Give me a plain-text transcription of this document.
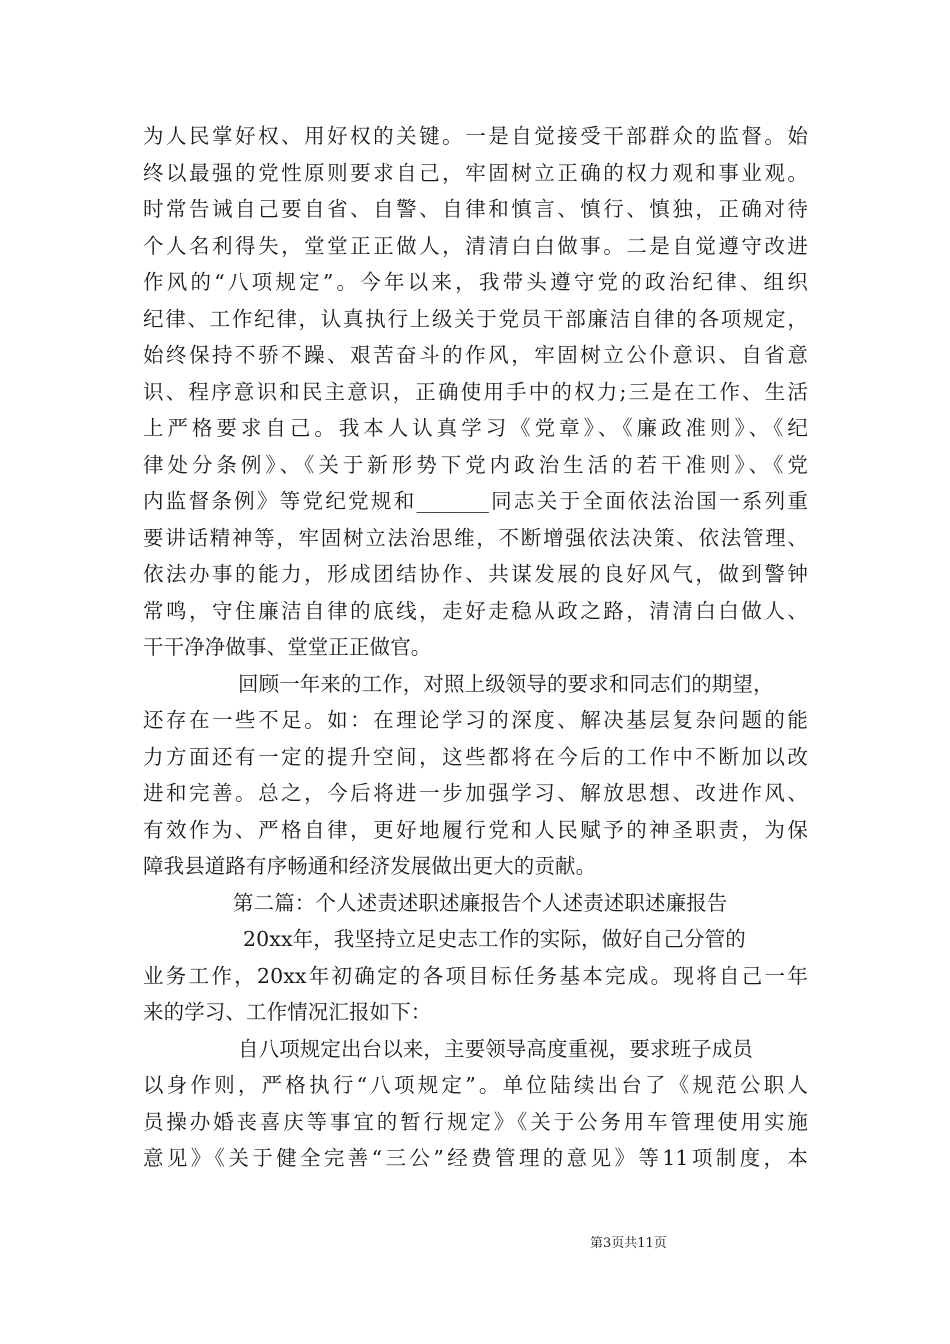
为人民掌好权、用好权的关键。一是自觉接受干部群众的监督。始
终以最强的党性原则要求自己，牢固树立正确的权力观和事业观。
时常告诫自己要自省、自警、自律和慎言、慎行、慎独，正确对待
个人名利得失，堂堂正正做人，清清白白做事。二是自觉遵守改进
作风的“八项规定”。今年以来，我带头遵守党的政治纪律、组织
纪律、工作纪律，认真执行上级关于党员干部廉洁自律的各项规定，
始终保持不骄不躁、艰苦奋斗的作风，牢固树立公仆意识、自省意
识、程序意识和民主意识，正确使用手中的权力;三是在工作、生活
上严格要求自己。我本人认真学习《党章》、《廉政准则》、《纪
律处分条例》、《关于新形势下党内政治生活的若干准则》、《党
内监督条例》等党纪党规和_______同志关于全面依法治国一系列重
要讲话精神等，牢固树立法治思维，不断增强依法决策、依法管理、
依法办事的能力，形成团结协作、共谋发展的良好风气，做到警钟
常鸣，守住廉洁自律的底线，走好走稳从政之路，清清白白做人、
干干净净做事、堂堂正正做官。
回顾一年来的工作，对照上级领导的要求和同志们的期望，
还存在一些不足。如：在理论学习的深度、解决基层复杂问题的能
力方面还有一定的提升空间，这些都将在今后的工作中不断加以改
进和完善。总之，今后将进一步加强学习、解放思想、改进作风、
有效作为、严格自律，更好地履行党和人民赋予的神圣职责，为保
障我县道路有序畅通和经济发展做出更大的贡献。
第二篇：个人述责述职述廉报告个人述责述职述廉报告
20xx年，我坚持立足史志工作的实际，做好自己分管的
业务工作，20xx年初确定的各项目标任务基本完成。现将自己一年
来的学习、工作情况汇报如下：
自八项规定出台以来，主要领导高度重视，要求班子成员
以身作则，严格执行“八项规定”。单位陆续出台了《规范公职人
员操办婚丧喜庆等事宜的暂行规定》《关于公务用车管理使用实施
意见》《关于健全完善“三公”经费管理的意见》等11项制度，本
第3页共11页
